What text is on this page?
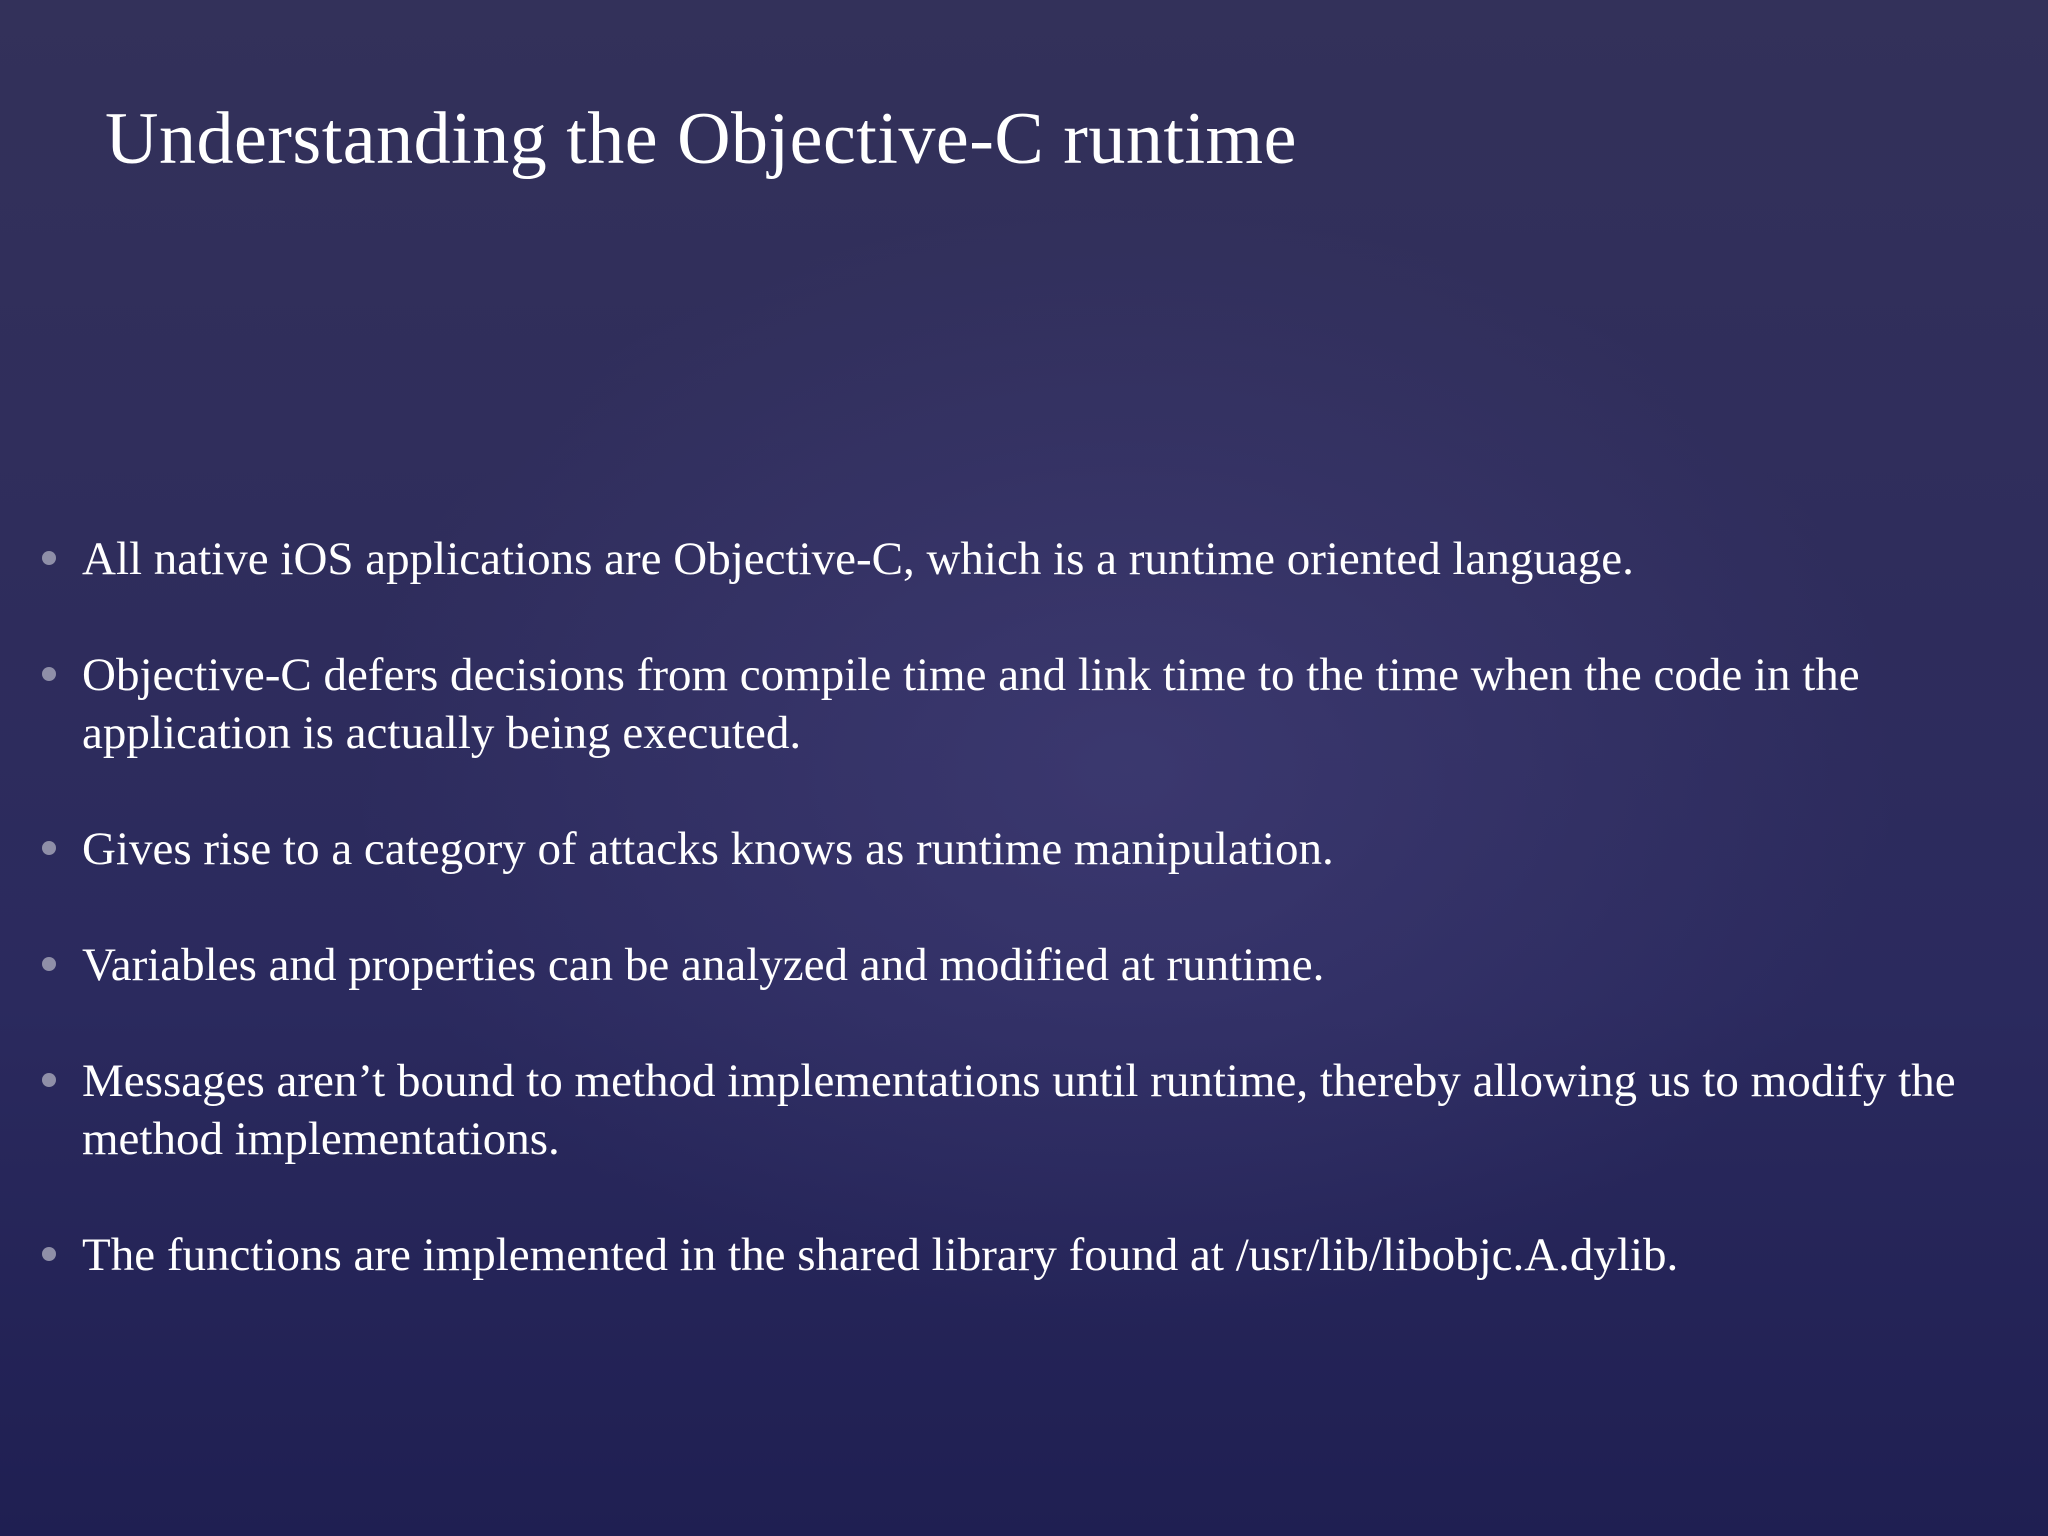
Understanding the Objective-C runtime
All native iOS applications are Objective-C, which is a runtime oriented language.
Objective-C defers decisions from compile time and link time to the time when the code in the application is actually being executed.
Gives rise to a category of attacks knows as runtime manipulation.
Variables and properties can be analyzed and modified at runtime.
Messages aren’t bound to method implementations until runtime, thereby allowing us to modify the method implementations.
The functions are implemented in the shared library found at /usr/lib/libobjc.A.dylib.
